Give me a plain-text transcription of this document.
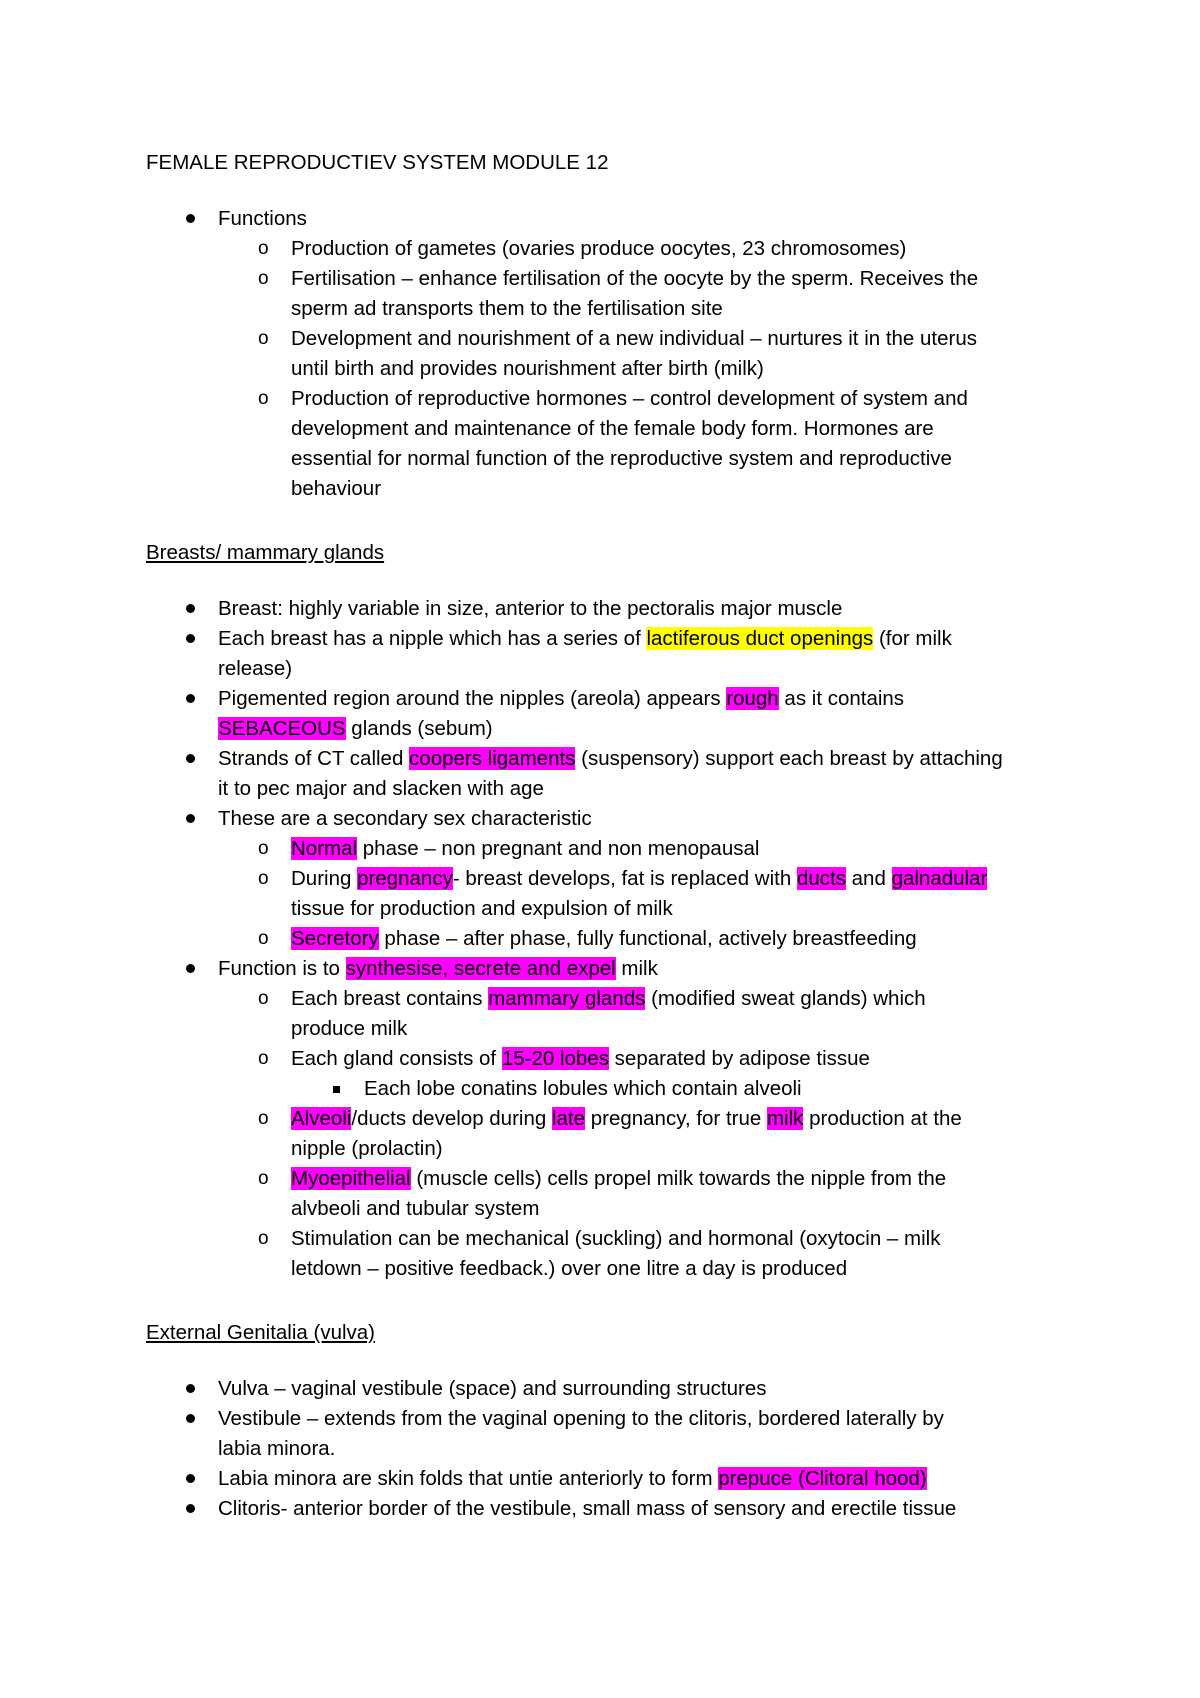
FEMALE REPRODUCTIEV SYSTEM MODULE 12
Functions
o Production of gametes (ovaries produce oocytes, 23 chromosomes)
o Fertilisation – enhance fertilisation of the oocyte by the sperm. Receives the
sperm ad transports them to the fertilisation site
o Development and nourishment of a new individual – nurtures it in the uterus
until birth and provides nourishment after birth (milk)
o Production of reproductive hormones – control development of system and
development and maintenance of the female body form. Hormones are
essential for normal function of the reproductive system and reproductive
behaviour
Breasts/ mammary glands
Breast: highly variable in size, anterior to the pectoralis major muscle
Each breast has a nipple which has a series of lactiferous duct openings (for milk
release)
Pigemented region around the nipples (areola) appears rough as it contains
SEBACEOUS glands (sebum)
Strands of CT called coopers ligaments (suspensory) support each breast by attaching
it to pec major and slacken with age
These are a secondary sex characteristic
o Normal phase – non pregnant and non menopausal
o During pregnancy- breast develops, fat is replaced with ducts and galnadular
tissue for production and expulsion of milk
o Secretory phase – after phase, fully functional, actively breastfeeding
Function is to synthesise, secrete and expel milk
o Each breast contains mammary glands (modified sweat glands) which
produce milk
o Each gland consists of 15-20 lobes separated by adipose tissue
Each lobe conatins lobules which contain alveoli
o Alveoli/ducts develop during late pregnancy, for true milk production at the
nipple (prolactin)
o Myoepithelial (muscle cells) cells propel milk towards the nipple from the
alvbeoli and tubular system
o Stimulation can be mechanical (suckling) and hormonal (oxytocin – milk
letdown – positive feedback.) over one litre a day is produced
External Genitalia (vulva)
Vulva – vaginal vestibule (space) and surrounding structures
Vestibule – extends from the vaginal opening to the clitoris, bordered laterally by
labia minora.
Labia minora are skin folds that untie anteriorly to form prepuce (Clitoral hood)
Clitoris- anterior border of the vestibule, small mass of sensory and erectile tissue
